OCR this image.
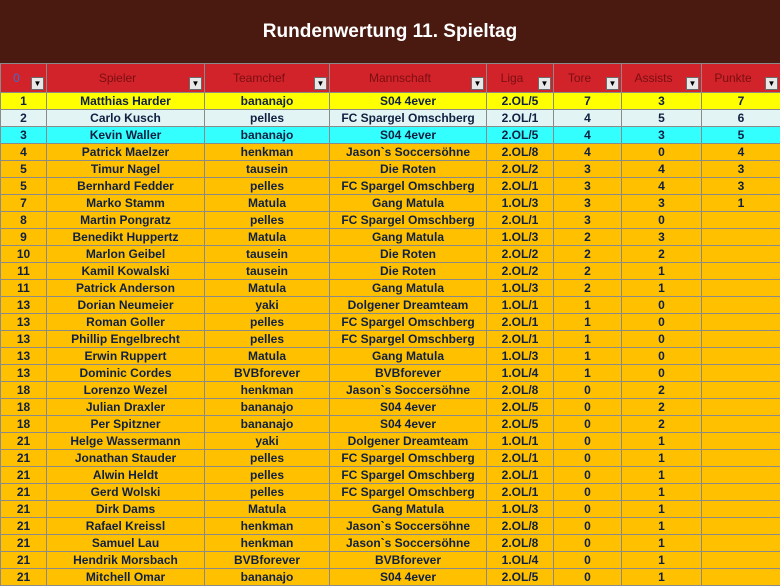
Rundenwertung 11. Spieltag
0 ▼	Spieler ▼	Teamchef ▼	Mannschaft ▼	Liga ▼	Tore ▼	Assists ▼	Punkte ▼

1	Matthias Harder	bananajo	S04 4ever	2.OL/5	7	3	7
2	Carlo Kusch	pelles	FC Spargel Omschberg	2.OL/1	4	5	6
3	Kevin Waller	bananajo	S04 4ever	2.OL/5	4	3	5
4	Patrick Maelzer	henkman	Jason`s Soccersöhne	2.OL/8	4	0	4
5	Timur Nagel	tausein	Die Roten	2.OL/2	3	4	3
5	Bernhard Fedder	pelles	FC Spargel Omschberg	2.OL/1	3	4	3
7	Marko Stamm	Matula	Gang Matula	1.OL/3	3	3	1
8	Martin Pongratz	pelles	FC Spargel Omschberg	2.OL/1	3	0	
9	Benedikt Huppertz	Matula	Gang Matula	1.OL/3	2	3	
10	Marlon Geibel	tausein	Die Roten	2.OL/2	2	2	
11	Kamil Kowalski	tausein	Die Roten	2.OL/2	2	1	
11	Patrick Anderson	Matula	Gang Matula	1.OL/3	2	1	
13	Dorian Neumeier	yaki	Dolgener Dreamteam	1.OL/1	1	0	
13	Roman Goller	pelles	FC Spargel Omschberg	2.OL/1	1	0	
13	Phillip Engelbrecht	pelles	FC Spargel Omschberg	2.OL/1	1	0	
13	Erwin Ruppert	Matula	Gang Matula	1.OL/3	1	0	
13	Dominic Cordes	BVBforever	BVBforever	1.OL/4	1	0	
18	Lorenzo Wezel	henkman	Jason`s Soccersöhne	2.OL/8	0	2	
18	Julian Draxler	bananajo	S04 4ever	2.OL/5	0	2	
18	Per Spitzner	bananajo	S04 4ever	2.OL/5	0	2	
21	Helge Wassermann	yaki	Dolgener Dreamteam	1.OL/1	0	1	
21	Jonathan Stauder	pelles	FC Spargel Omschberg	2.OL/1	0	1	
21	Alwin Heldt	pelles	FC Spargel Omschberg	2.OL/1	0	1	
21	Gerd Wolski	pelles	FC Spargel Omschberg	2.OL/1	0	1	
21	Dirk Dams	Matula	Gang Matula	1.OL/3	0	1	
21	Rafael Kreissl	henkman	Jason`s Soccersöhne	2.OL/8	0	1	
21	Samuel Lau	henkman	Jason`s Soccersöhne	2.OL/8	0	1	
21	Hendrik Morsbach	BVBforever	BVBforever	1.OL/4	0	1	
21	Mitchell Omar	bananajo	S04 4ever	2.OL/5	0	1	
